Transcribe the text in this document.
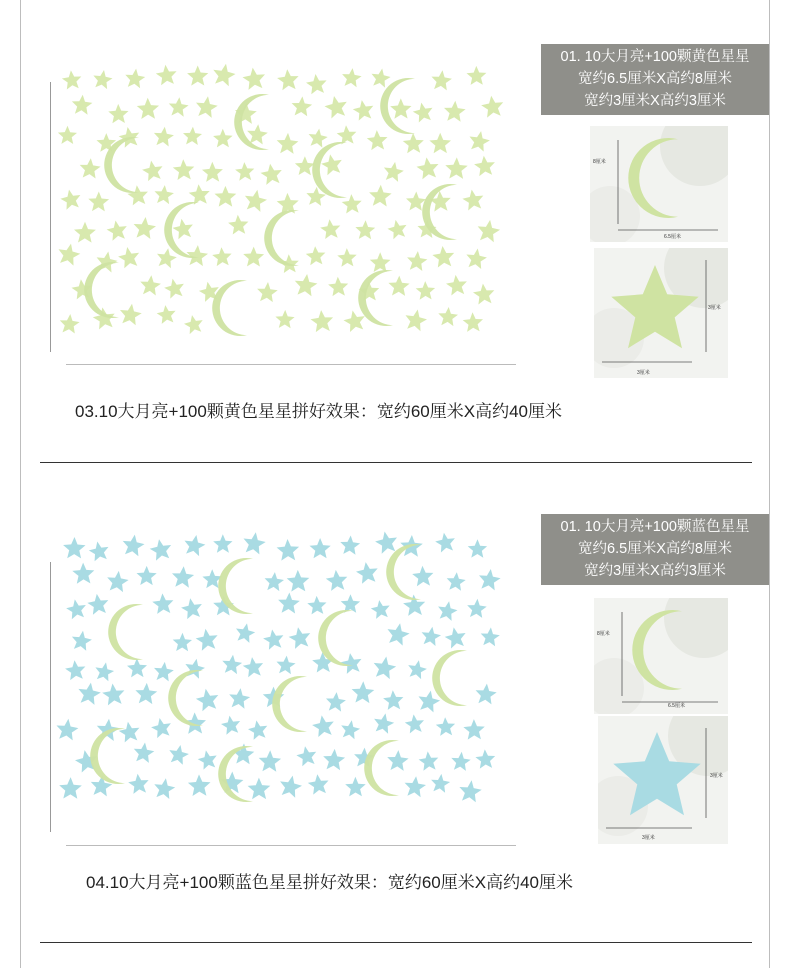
01. 10大月亮+100颗黄色星星
宽约6.5厘米X高约8厘米
宽约3厘米X高约3厘米
8厘米
6.5厘米
3厘米
3厘米
03.10大月亮+100颗黄色星星拼好效果：宽约60厘米X高约40厘米
01. 10大月亮+100颗蓝色星星
宽约6.5厘米X高约8厘米
宽约3厘米X高约3厘米
8厘米
6.5厘米
3厘米
3厘米
04.10大月亮+100颗蓝色星星拼好效果：宽约60厘米X高约40厘米
